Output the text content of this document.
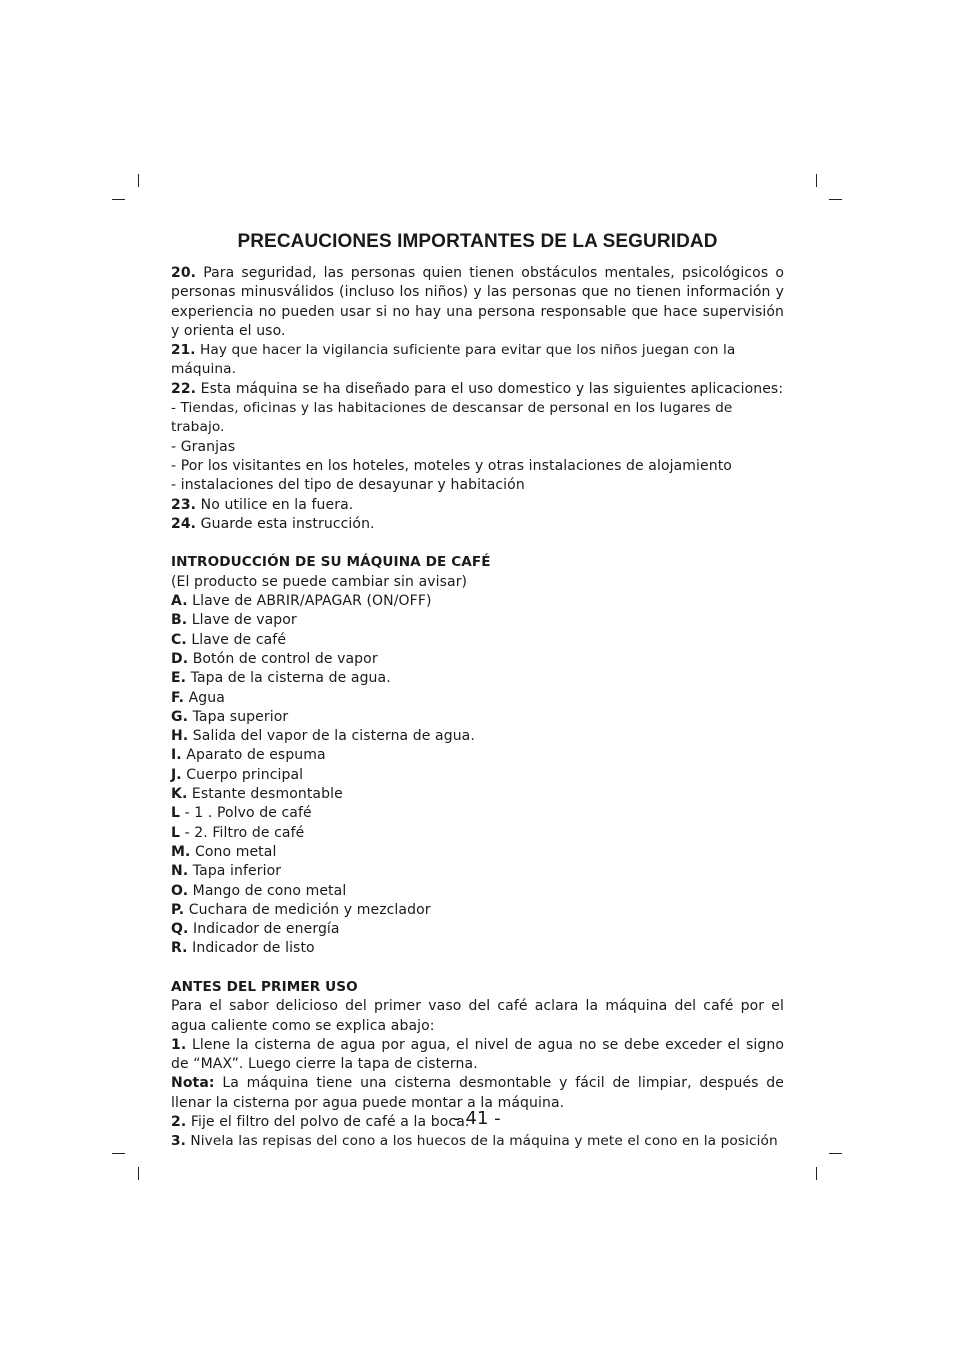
PRECAUCIONES IMPORTANTES DE LA SEGURIDAD

20. Para seguridad, las personas quien tienen obstáculos mentales, psicológicos o personas minusválidos (incluso los niños) y las personas que no tienen información y experiencia no pueden usar si no hay una persona responsable que hace supervisión y orienta el uso.

21. Hay que hacer la vigilancia suficiente para evitar que los niños juegan con la máquina.

22. Esta máquina se ha diseñado para el uso domestico y las siguientes aplicaciones:

- Tiendas, oficinas y las habitaciones de descansar de personal en los lugares de trabajo.

- Granjas

- Por los visitantes en los hoteles, moteles y otras instalaciones de alojamiento

- instalaciones del tipo de desayunar y habitación

23. No utilice en la fuera.

24. Guarde esta instrucción.

INTRODUCCIÓN DE SU MÁQUINA DE CAFÉ

(El producto se puede cambiar sin avisar)

A. Llave de ABRIR/APAGAR (ON/OFF)

B. Llave de vapor

C. Llave de café

D. Botón de control de vapor

E. Tapa de la cisterna de agua.

F. Agua

G. Tapa superior

H. Salida del vapor de la cisterna de agua.

I. Aparato de espuma

J. Cuerpo principal

K. Estante desmontable

L - 1 . Polvo de café

L - 2. Filtro de café

M. Cono metal

N. Tapa inferior

O. Mango de cono metal

P. Cuchara de medición y mezclador

Q. Indicador de energía

R. Indicador de listo

ANTES DEL PRIMER USO

Para el sabor delicioso del primer vaso del café aclara la máquina del café por el agua caliente como se explica abajo:

1. Llene la cisterna de agua por agua, el nivel de agua no se debe exceder el signo de “MAX”. Luego cierre la tapa de cisterna.

Nota: La máquina tiene una cisterna desmontable y fácil de limpiar, después de llenar la cisterna por agua puede montar a la máquina.

2. Fije el filtro del polvo de café a la boca.

3. Nivela las repisas del cono a los huecos de la máquina y mete el cono en la posición

- 41 -
